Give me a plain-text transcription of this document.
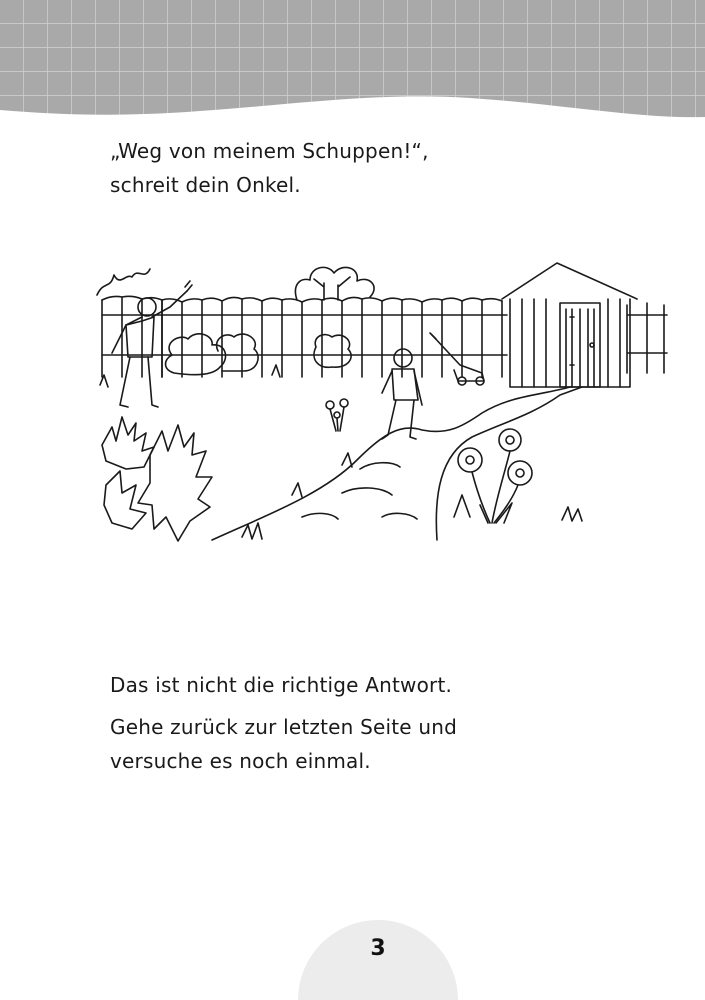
„Weg von meinem Schuppen!“,
schreit dein Onkel.

Das ist nicht die richtige Antwort.

Gehe zurück zur letzten Seite und
versuche es noch einmal.

3
